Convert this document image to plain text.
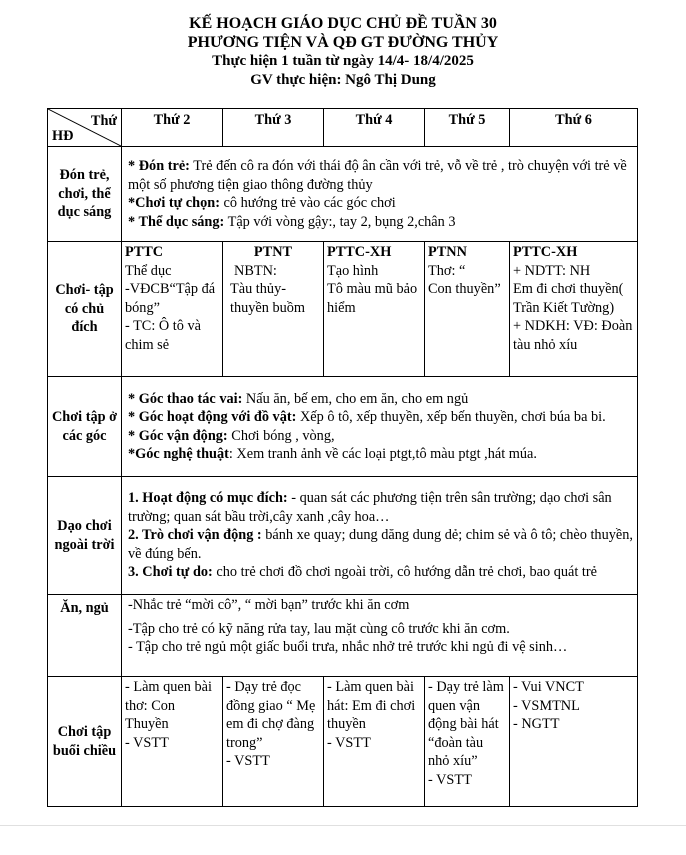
KẾ HOẠCH GIÁO DỤC CHỦ ĐỀ TUẦN 30
PHƯƠNG TIỆN VÀ QĐ GT ĐƯỜNG THỦY
Thực hiện 1 tuần từ ngày 14/4- 18/4/2025
GV thực hiện: Ngô Thị Dung
Thứ
HĐ	Thứ 2	Thứ 3	Thứ 4	Thứ 5	Thứ 6
Đón trẻ, chơi, thể dục sáng	* Đón trẻ: Trẻ đến cô ra đón với thái độ ân cần với trẻ, vỗ về trẻ , trò chuyện với trẻ về một số phương tiện giao thông đường thủy
*Chơi tự chọn: cô hướng trẻ vào các góc chơi
* Thể dục sáng: Tập với vòng gậy:, tay 2, bụng 2,chân 3				

Chơi- tập có chủ đích	PTTC
Thể dục
-VĐCB“Tập đá bóng”
- TC: Ô tô và chim sẻ	PTNT
NBTN:
Tàu thủy- thuyền buồm	PTTC-XH
Tạo hình
Tô màu mũ bảo hiểm	PTNN
Thơ: “
Con thuyền”	PTTC-XH
+ NDTT: NH
Em đi chơi thuyền( Trần Kiết Tường)
+ NDKH: VĐ: Đoàn tàu nhỏ xíu

Chơi tập ở các góc	* Góc thao tác vai: Nấu ăn, bế em, cho em ăn, cho em ngủ
* Góc hoạt động với đồ vật: Xếp ô tô, xếp thuyền, xếp bến thuyền, chơi búa ba bi.
* Góc vận động: Chơi bóng , vòng,
*Góc nghệ thuật: Xem tranh ảnh về các loại ptgt,tô màu ptgt ,hát múa.				

Dạo chơi ngoài trời	1. Hoạt động có mục đích: - quan sát các phương tiện trên sân trường; dạo chơi sân trường; quan sát bầu trời,cây xanh ,cây hoa…
2. Trò chơi vận động : bánh xe quay; dung dăng dung dẻ; chim sẻ và ô tô; chèo thuyền, về đúng bến.
3. Chơi tự do: cho trẻ chơi đồ chơi ngoài trời, cô hướng dẫn trẻ chơi, bao quát trẻ				

Ăn, ngủ	-Nhắc trẻ “mời cô”, “ mời bạn” trước khi ăn cơm
-Tập cho trẻ có kỹ năng rửa tay, lau mặt cùng cô trước khi ăn cơm.
- Tập cho trẻ ngủ một giấc buổi trưa, nhắc nhở trẻ trước khi ngủ đi vệ sinh…				

Chơi tập buổi chiều	- Làm quen bài thơ: Con Thuyền
- VSTT	- Dạy trẻ đọc đồng giao “ Mẹ em đi chợ đàng trong”
- VSTT	- Làm quen bài hát: Em đi chơi thuyền
- VSTT	- Dạy trẻ làm quen vận động bài hát “đoàn tàu nhỏ xíu”
- VSTT	- Vui VNCT
- VSMTNL
- NGTT
